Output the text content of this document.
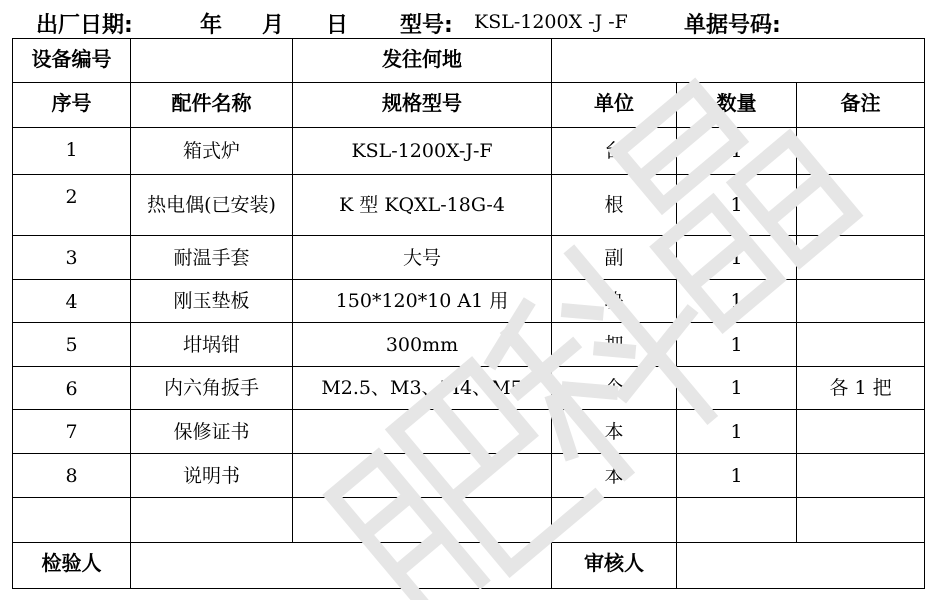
出厂日期:	年 月 日 型号: KSL-1200X -J -F	单据号码:
设备编号		发往何地			
序号	配件名称	规格型号	单位	数量	备注
1	箱式炉	KSL-1200X-J-F	台	1	
2	热电偶(已安装)	K 型 KQXL-18G-4	根	1	
3	耐温手套	大号	副	1	
4	刚玉垫板	150*120*10 A1 用	块	1	
5	坩埚钳	300mm	把	1	
6	内六角扳手	M2.5、M3、M4、M5	个	1	各 1 把
7	保修证书		本	1	
8	说明书		本	1	

检验人			审核人		
